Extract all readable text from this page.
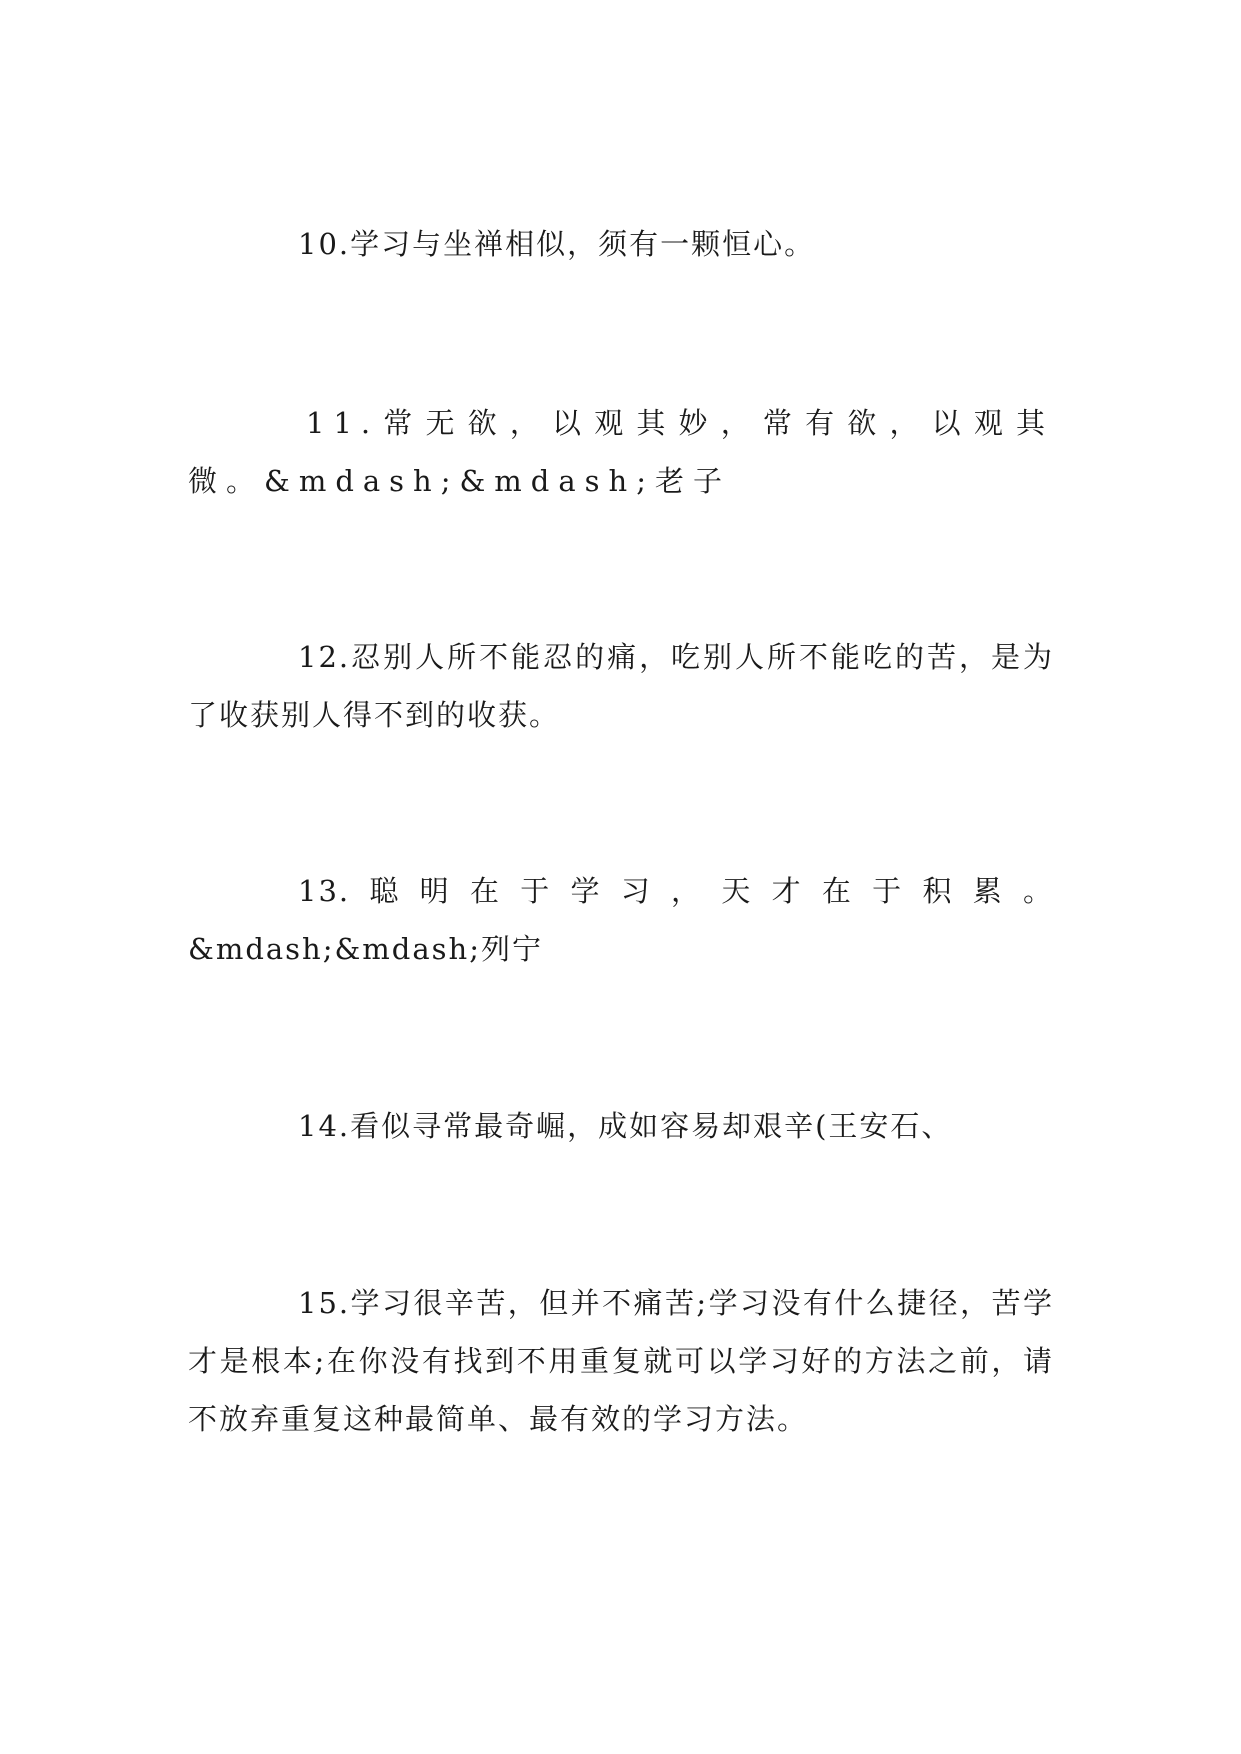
10.学习与坐禅相似，须有一颗恒心。

11.常无欲，以观其妙，常有欲，以观其微。&mdash;&mdash;老子

12.忍别人所不能忍的痛，吃别人所不能吃的苦，是为了收获别人得不到的收获。

13.聪明在于学习，天才在于积累。&mdash;&mdash;列宁

14.看似寻常最奇崛，成如容易却艰辛(王安石、

15.学习很辛苦，但并不痛苦;学习没有什么捷径，苦学才是根本;在你没有找到不用重复就可以学习好的方法之前，请不放弃重复这种最简单、最有效的学习方法。
